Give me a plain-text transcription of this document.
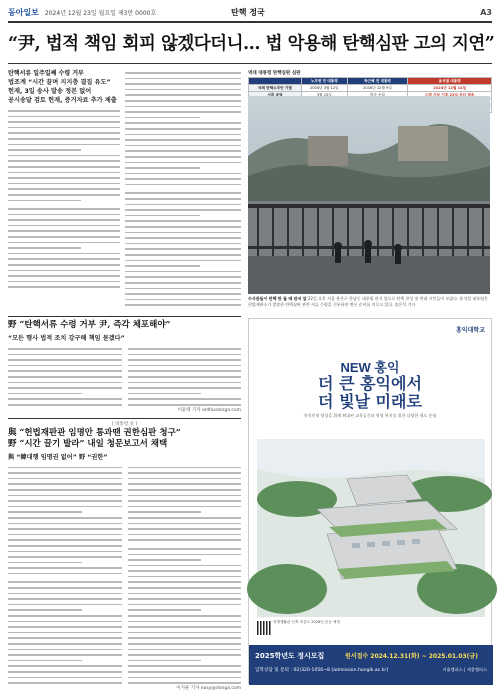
동아일보 2024년 12월 23일 월요일 제3만 0000호	탄핵 정국	A3
“尹, 법적 책임 회피 않겠다더니… 법 악용해 탄핵심판 고의 지연”
탄핵서류 일주일째 수령 거부
법조계 “시간 끌며 지지층 결집 유도”
헌재, 3일 송사 발송 정본 없어
공시송달 검토 헌재, 증거자료 추가 제출
역대 대통령 탄핵심판 심판
	노무현 전 대통령	박근혜 전 대통령	윤석열 대통령
국회 탄핵소추안 가결	2004년 3월 12일	2016년 12월 9일	2024년 12월 14일
서류 송달	3월 15일	발송 송달	수령 거부 이후 23일 부터 발송

수사관들이 탄핵 탄 돌 때 관저 앞 22일 오후 서울 용산구 한남동 대통령 관저 앞으로 탄핵 찬성 및 반대 시민들이 모였다. 윤석열 대통령은 헌법재판소가 발송한 탄핵심판 관련 서류 수령을 거부하며 변론 준비를 미루고 있다. 송은석 기자
野 “탄핵서류 수령 거부 尹, 즉각 체포해야”
“모든 행사 법적 조치 강구해 책임 묻겠다”
이윤태 기자 oldfoxdonga.com
[ 대통령 실 ]
與 “헌법재판관 임명안 통과땐 권한심판 청구”
野 “시간 끌기 발라” 내일 청문보고서 채택
與 “韓대행 임명권 없어” 野 “권한”
이지운 기자 easy@donga.com
홍익대학교
NEW 홍익
더 큰 홍익에서
더 빛날 미래로
홍익인재 양성을 위해 확대된 교육공간과 학생 복지를 위한 다양한 제도 운영
학생생활관 신축 조감도 2026년 준공 예정
2025학년도 정시모집	원서접수 2024.12.31(화) ~ 2025.01.03(금)
입학상담 및 문의 : 02)320-1056~8 [admission.hongik.ac.kr]	서울캠퍼스 | 세종캠퍼스
